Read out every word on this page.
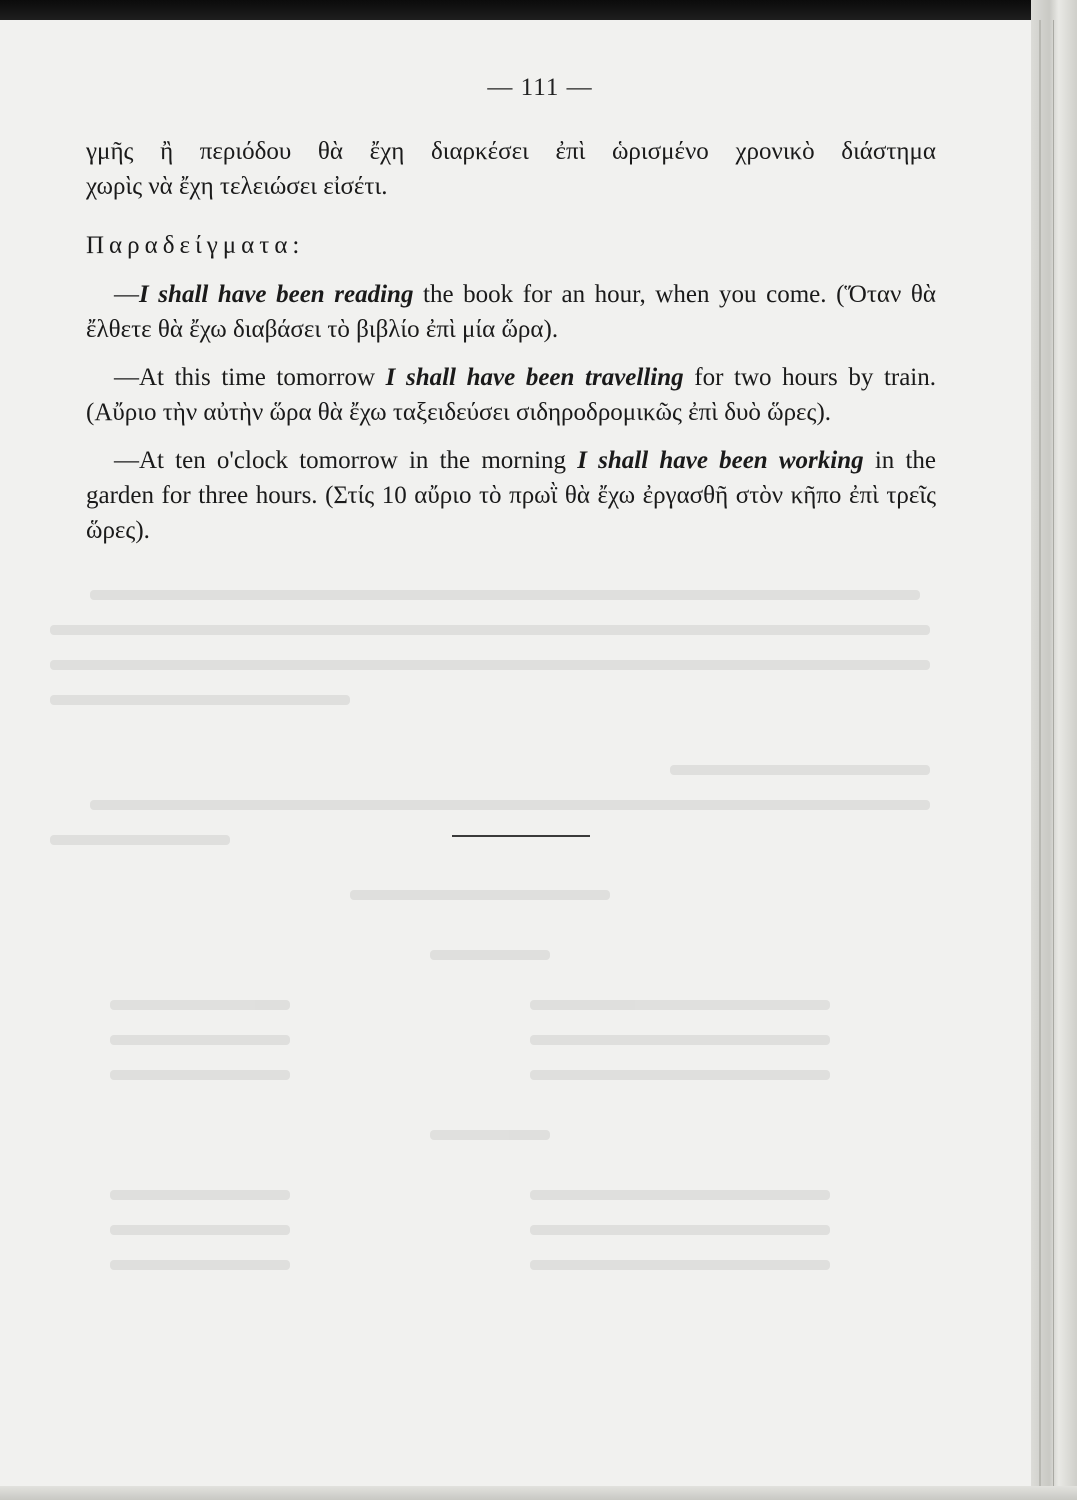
— 111 —

γμῆς ἢ περιόδου θὰ ἔχη διαρκέσει ἐπὶ ὡρισμένο χρονικὸ διάστημα

χωρὶς νὰ ἔχη τελειώσει εἰσέτι.

Παραδείγματα:

—I shall have been reading the book for an hour, when you come. (Ὅταν θὰ ἔλθετε θὰ ἔχω διαβάσει τὸ βιβλίο ἐπὶ μία ὥρα).

—At this time tomorrow I shall have been travelling for two hours by train. (Αὔριο τὴν αὐτὴν ὥρα θὰ ἔχω ταξειδεύσει σιδηροδρομικῶς ἐπὶ δυὸ ὥρες).

—At ten o'clock tomorrow in the morning I shall have been working in the garden for three hours. (Στίς 10 αὔριο τὸ πρωῒ θὰ ἔχω ἐργασθῆ στὸν κῆπο ἐπὶ τρεῖς ὥρες).
